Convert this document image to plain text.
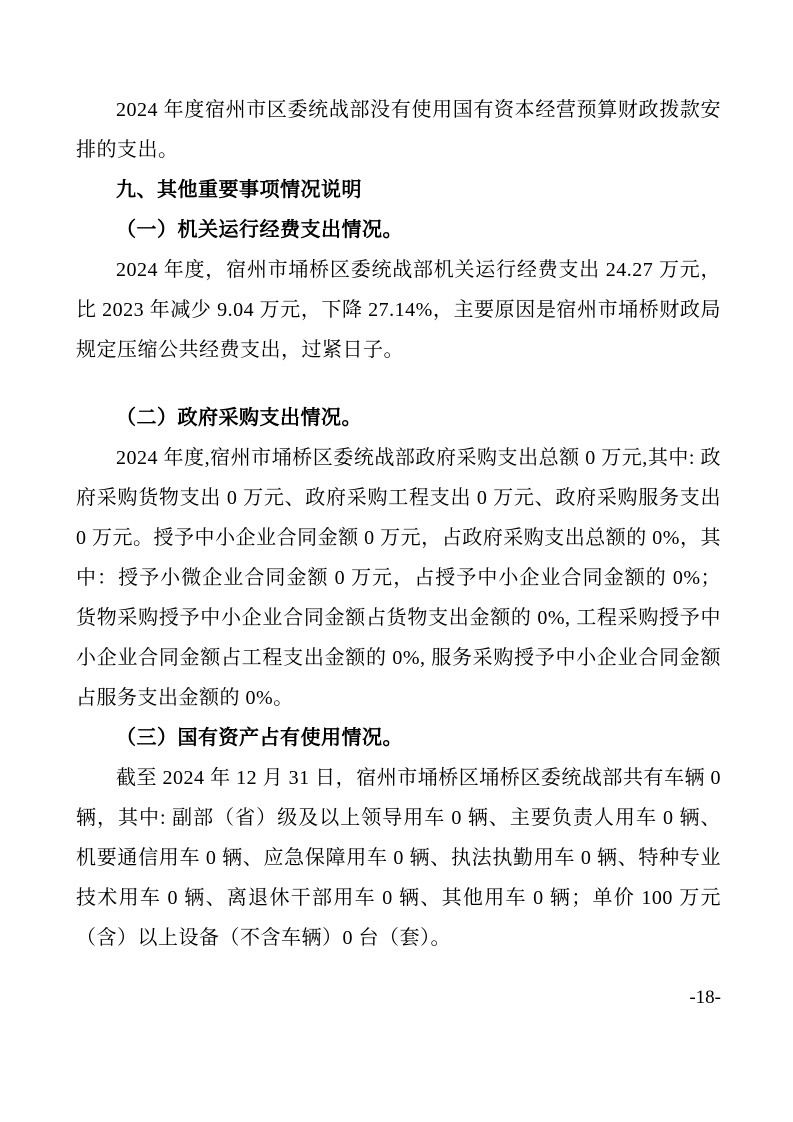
2024 年度宿州市区委统战部没有使用国有资本经营预算财政拨款安排的支出。

九、其他重要事项情况说明

（一）机关运行经费支出情况。

2024 年度，宿州市埇桥区委统战部机关运行经费支出 24.27 万元，比 2023 年减少 9.04 万元，下降 27.14%，主要原因是宿州市埇桥财政局规定压缩公共经费支出，过紧日子。

（二）政府采购支出情况。

2024 年度,宿州市埇桥区委统战部政府采购支出总额 0 万元,其中: 政府采购货物支出 0 万元、政府采购工程支出 0 万元、政府采购服务支出 0 万元。授予中小企业合同金额 0 万元，占政府采购支出总额的 0%，其中：授予小微企业合同金额 0 万元，占授予中小企业合同金额的 0%；货物采购授予中小企业合同金额占货物支出金额的 0%, 工程采购授予中小企业合同金额占工程支出金额的 0%, 服务采购授予中小企业合同金额占服务支出金额的 0%。

（三）国有资产占有使用情况。

截至 2024 年 12 月 31 日，宿州市埇桥区埇桥区委统战部共有车辆 0 辆，其中: 副部（省）级及以上领导用车 0 辆、主要负责人用车 0 辆、机要通信用车 0 辆、应急保障用车 0 辆、执法执勤用车 0 辆、特种专业技术用车 0 辆、离退休干部用车 0 辆、其他用车 0 辆；单价 100 万元（含）以上设备（不含车辆）0 台（套）。

-18-
